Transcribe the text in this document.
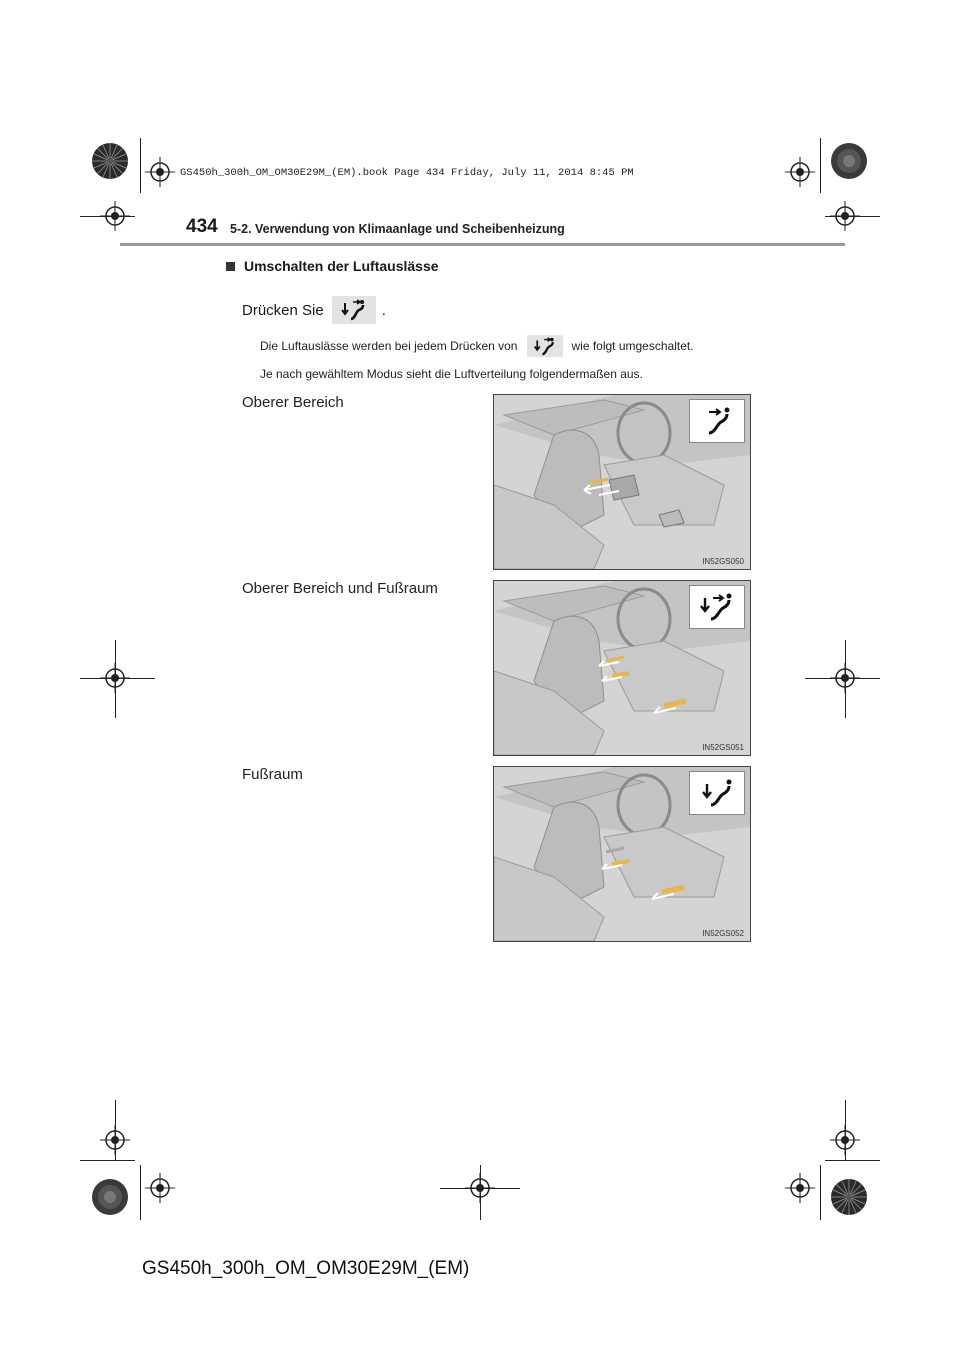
GS450h_300h_OM_OM30E29M_(EM).book Page 434 Friday, July 11, 2014 8:45 PM
434 5-2. Verwendung von Klimaanlage und Scheibenheizung
Umschalten der Luftauslässe
Drücken Sie	.
Die Luftauslässe werden bei jedem Drücken von	wie folgt umgeschaltet.
Je nach gewähltem Modus sieht die Luftverteilung folgendermaßen aus.
Oberer Bereich
Oberer Bereich und Fußraum
Fußraum
IN52GS050
IN52GS051
IN52GS052
GS450h_300h_OM_OM30E29M_(EM)
